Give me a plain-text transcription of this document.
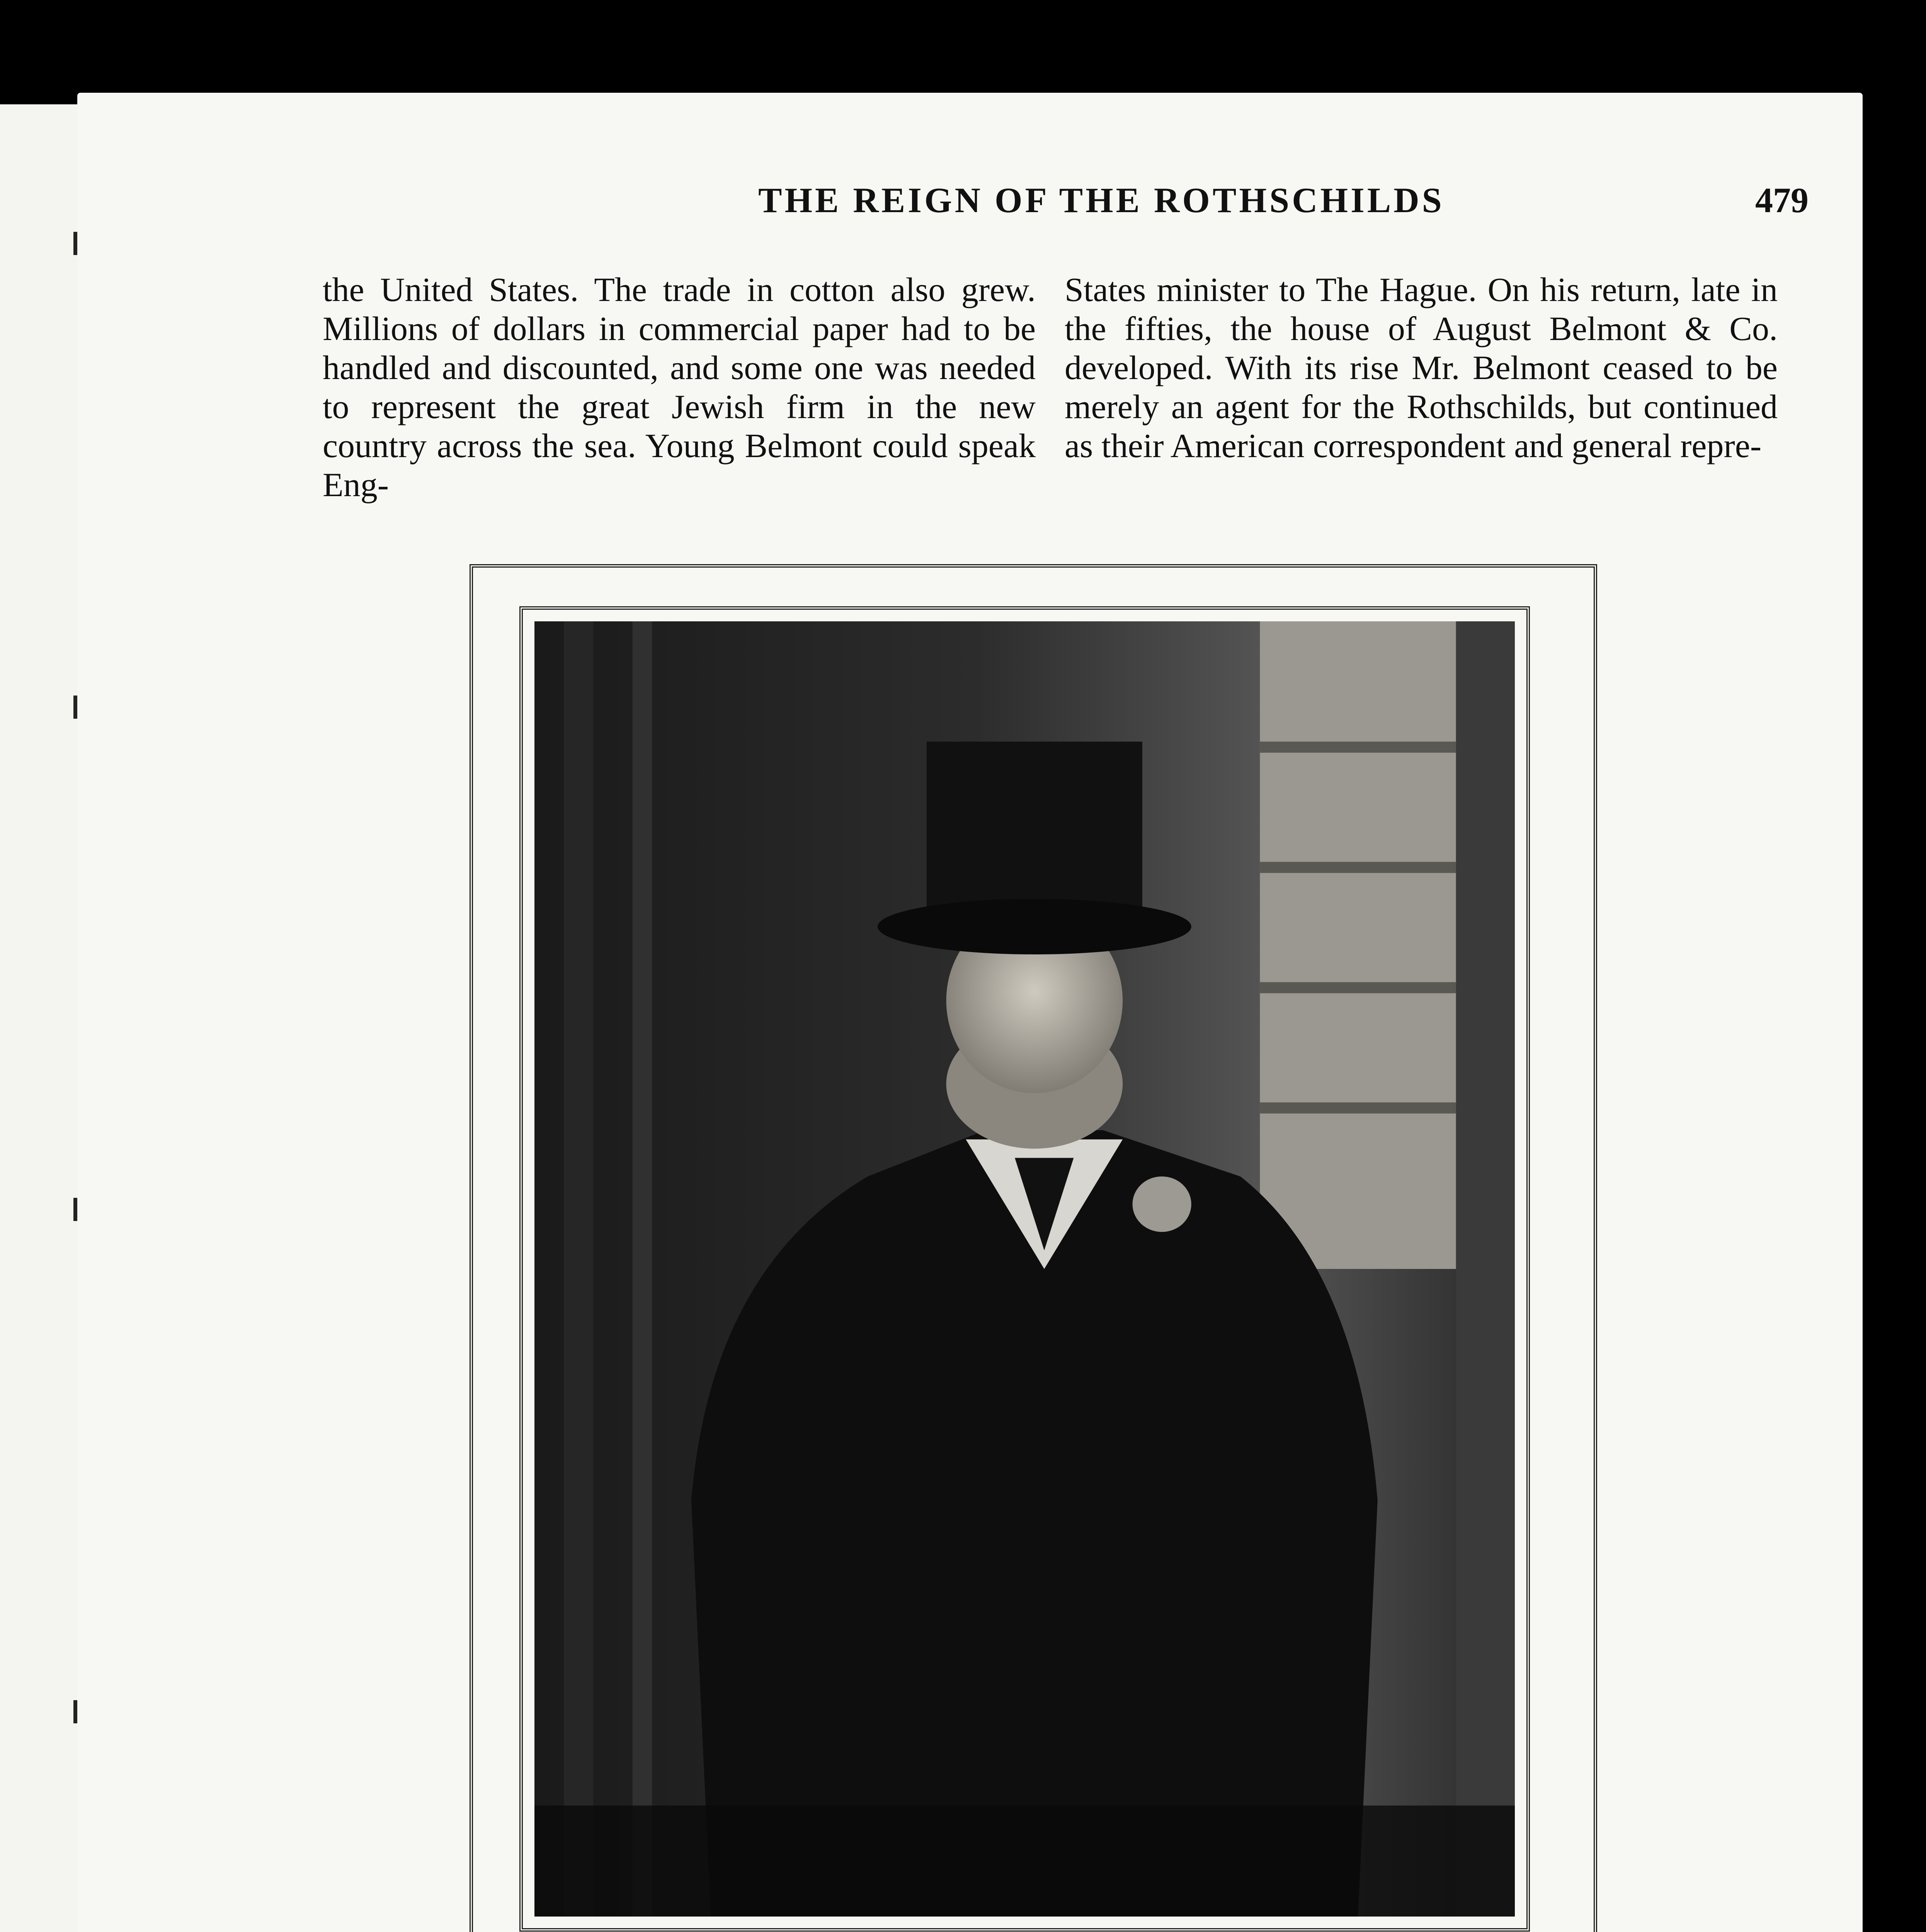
THE REIGN OF THE ROTHSCHILDS	479

the United States. The trade in cotton also grew. Millions of dollars in commercial paper had to be handled and discounted, and some one was needed to represent the great Jewish firm in the new country across the sea. Young Belmont could speak Eng-

States minister to The Hague. On his return, late in the fifties, the house of August Belmont & Co. developed. With its rise Mr. Belmont ceased to be merely an agent for the Rothschilds, but continued as their American correspondent and general repre-
